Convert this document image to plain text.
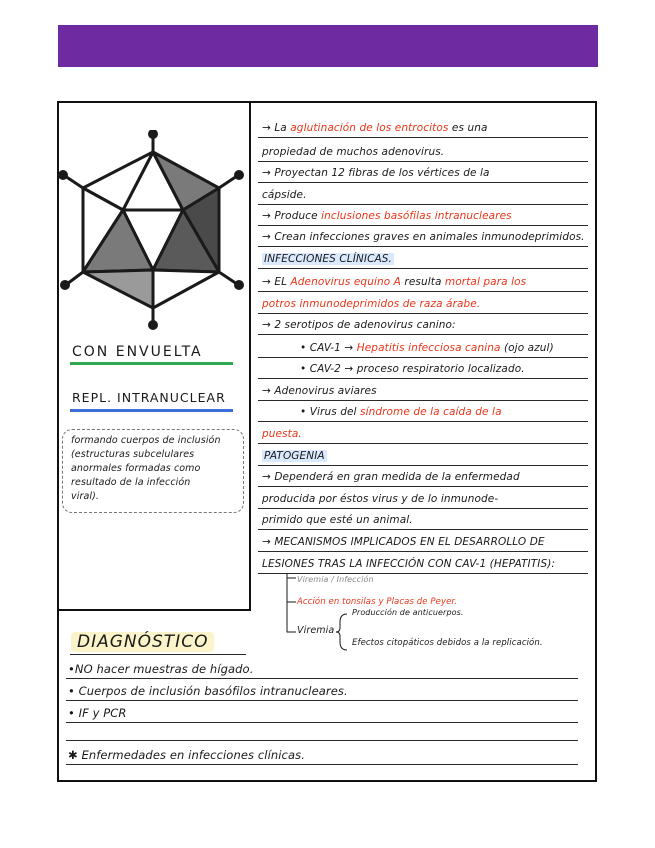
CON ENVUELTA
REPL. INTRANUCLEAR
formando cuerpos de inclusión
(estructuras subcelulares
anormales formadas como
resultado de la infección
viral).
→ La aglutinación de los entrocitos es una
propiedad de muchos adenovirus.
→ Proyectan 12 fibras de los vértices de la
cápside.
→ Produce inclusiones basófilas intranucleares
→ Crean infecciones graves en animales inmunodeprimidos.
INFECCIONES CLÍNICAS.
→ EL Adenovirus equino A resulta mortal para los
potros inmunodeprimidos de raza árabe.
→ 2 serotipos de adenovirus canino:
• CAV-1 → Hepatitis infecciosa canina (ojo azul)
• CAV-2 → proceso respiratorio localizado.
→ Adenovirus aviares
• Virus del síndrome de la caída de la
puesta.
PATOGENIA
→ Dependerá en gran medida de la enfermedad
producida por éstos virus y de lo inmunode-
primido que esté un animal.
→ MECANISMOS IMPLICADOS EN EL DESARROLLO DE
LESIONES TRAS LA INFECCIÓN CON CAV-1 (HEPATITIS):
Viremia / Infección
Acción en tonsilas y Placas de Peyer.
Viremia
Producción de anticuerpos.
Efectos citopáticos debidos a la replicación.
DIAGNÓSTICO
•NO hacer muestras de hígado.
• Cuerpos de inclusión basófilos intranucleares.
• IF y PCR
✱ Enfermedades en infecciones clínicas.
